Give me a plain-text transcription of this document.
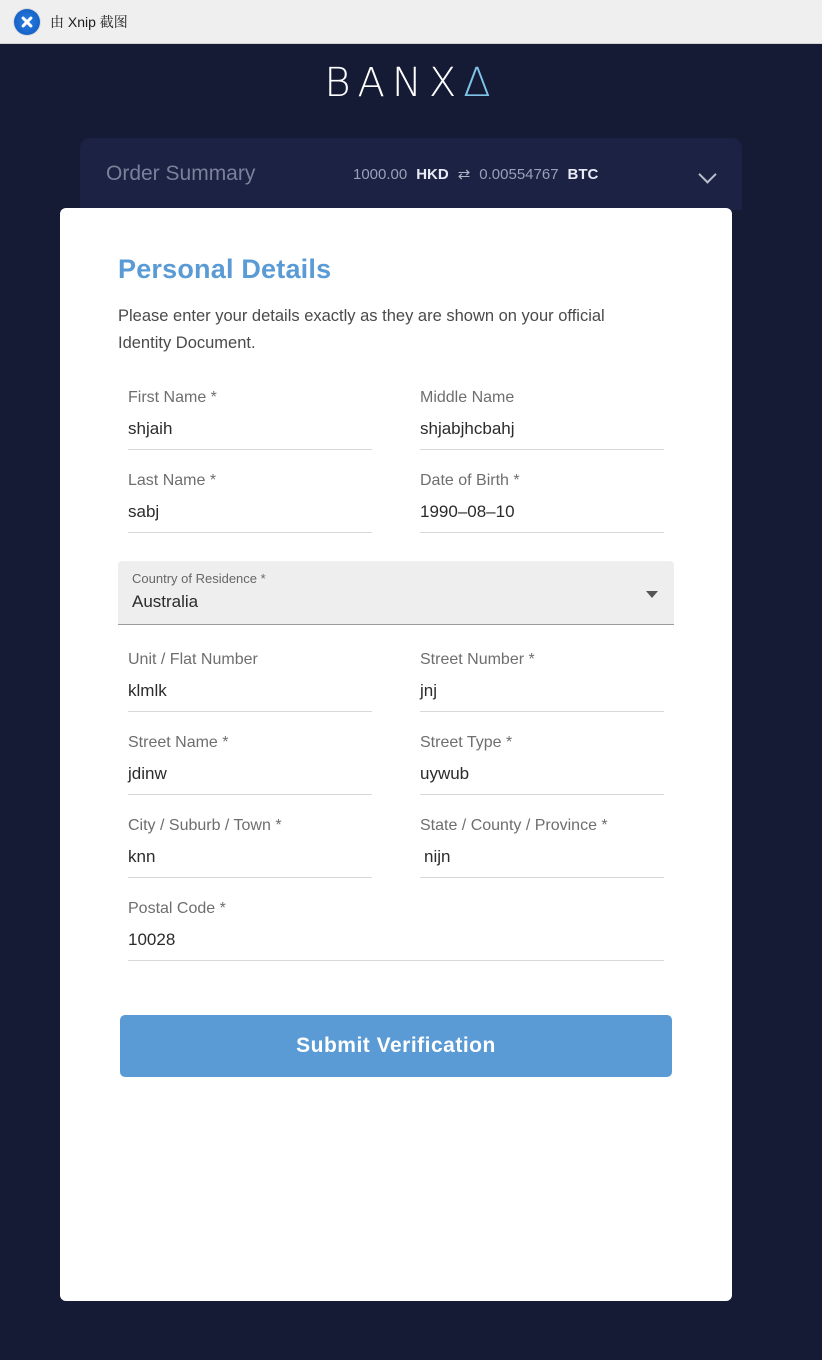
由 Xnip 截图
BANXΔ
Order Summary	1000.00 HKD ⇄ 0.00554767 BTC
Personal Details

Please enter your details exactly as they are shown on your official Identity Document.

First Name *
shjaih
Middle Name
shjabjhcbahj
Last Name *
sabj
Date of Birth *
1990–08–10
Country of Residence *
Australia
Unit / Flat Number
klmlk
Street Number *
jnj
Street Name *
jdinw
Street Type *
uywub
City / Suburb / Town *
knn
State / County / Province *
nijn
Postal Code *
10028
Submit Verification
